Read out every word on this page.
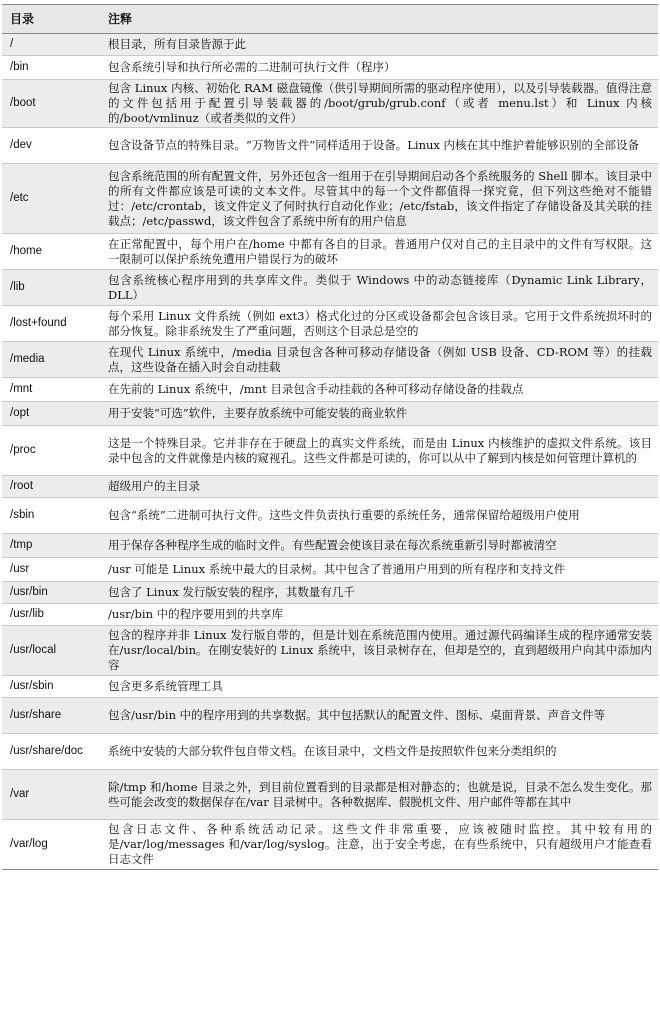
目录	注释
/	根目录，所有目录皆源于此
/bin	包含系统引导和执行所必需的二进制可执行文件（程序）
/boot	包含 Linux 内核、初始化 RAM 磁盘镜像（供引导期间所需的驱动程序使用），以及引导装载器。值得注意的文件包括用于配置引导装载器的/boot/grub/grub.conf（或者 menu.lst）和 Linux 内核的/boot/vmlinuz（或者类似的文件）
/dev	包含设备节点的特殊目录。“万物皆文件”同样适用于设备。Linux 内核在其中维护着能够识别的全部设备
/etc	包含系统范围的所有配置文件，另外还包含一组用于在引导期间启动各个系统服务的 Shell 脚本。该目录中的所有文件都应该是可读的文本文件。尽管其中的每一个文件都值得一探究竟，但下列这些绝对不能错过：/etc/crontab，该文件定义了何时执行自动化作业；/etc/fstab，该文件指定了存储设备及其关联的挂载点；/etc/passwd，该文件包含了系统中所有的用户信息
/home	在正常配置中，每个用户在/home 中都有各自的目录。普通用户仅对自己的主目录中的文件有写权限。这一限制可以保护系统免遭用户错误行为的破坏
/lib	包含系统核心程序用到的共享库文件。类似于 Windows 中的动态链接库（Dynamic Link Library，DLL）
/lost+found	每个采用 Linux 文件系统（例如 ext3）格式化过的分区或设备都会包含该目录。它用于文件系统损坏时的部分恢复。除非系统发生了严重问题，否则这个目录总是空的
/media	在现代 Linux 系统中，/media 目录包含各种可移动存储设备（例如 USB 设备、CD-ROM 等）的挂载点，这些设备在插入时会自动挂载
/mnt	在先前的 Linux 系统中，/mnt 目录包含手动挂载的各种可移动存储设备的挂载点
/opt	用于安装“可选”软件，主要存放系统中可能安装的商业软件
/proc	这是一个特殊目录。它并非存在于硬盘上的真实文件系统，而是由 Linux 内核维护的虚拟文件系统。该目录中包含的文件就像是内核的窥视孔。这些文件都是可读的，你可以从中了解到内核是如何管理计算机的
/root	超级用户的主目录
/sbin	包含“系统”二进制可执行文件。这些文件负责执行重要的系统任务，通常保留给超级用户使用
/tmp	用于保存各种程序生成的临时文件。有些配置会使该目录在每次系统重新引导时都被清空
/usr	/usr 可能是 Linux 系统中最大的目录树。其中包含了普通用户用到的所有程序和支持文件
/usr/bin	包含了 Linux 发行版安装的程序，其数量有几千
/usr/lib	/usr/bin 中的程序要用到的共享库
/usr/local	包含的程序并非 Linux 发行版自带的，但是计划在系统范围内使用。通过源代码编译生成的程序通常安装在/usr/local/bin。在刚安装好的 Linux 系统中，该目录树存在，但却是空的，直到超级用户向其中添加内容
/usr/sbin	包含更多系统管理工具
/usr/share	包含/usr/bin 中的程序用到的共享数据。其中包括默认的配置文件、图标、桌面背景、声音文件等
/usr/share/doc	系统中安装的大部分软件包自带文档。在该目录中，文档文件是按照软件包来分类组织的
/var	除/tmp 和/home 目录之外，到目前位置看到的目录都是相对静态的；也就是说，目录不怎么发生变化。那些可能会改变的数据保存在/var 目录树中。各种数据库、假脱机文件、用户邮件等都在其中
/var/log	包含日志文件、各种系统活动记录。这些文件非常重要，应该被随时监控。其中较有用的是/var/log/messages 和/var/log/syslog。注意，出于安全考虑，在有些系统中，只有超级用户才能查看日志文件
